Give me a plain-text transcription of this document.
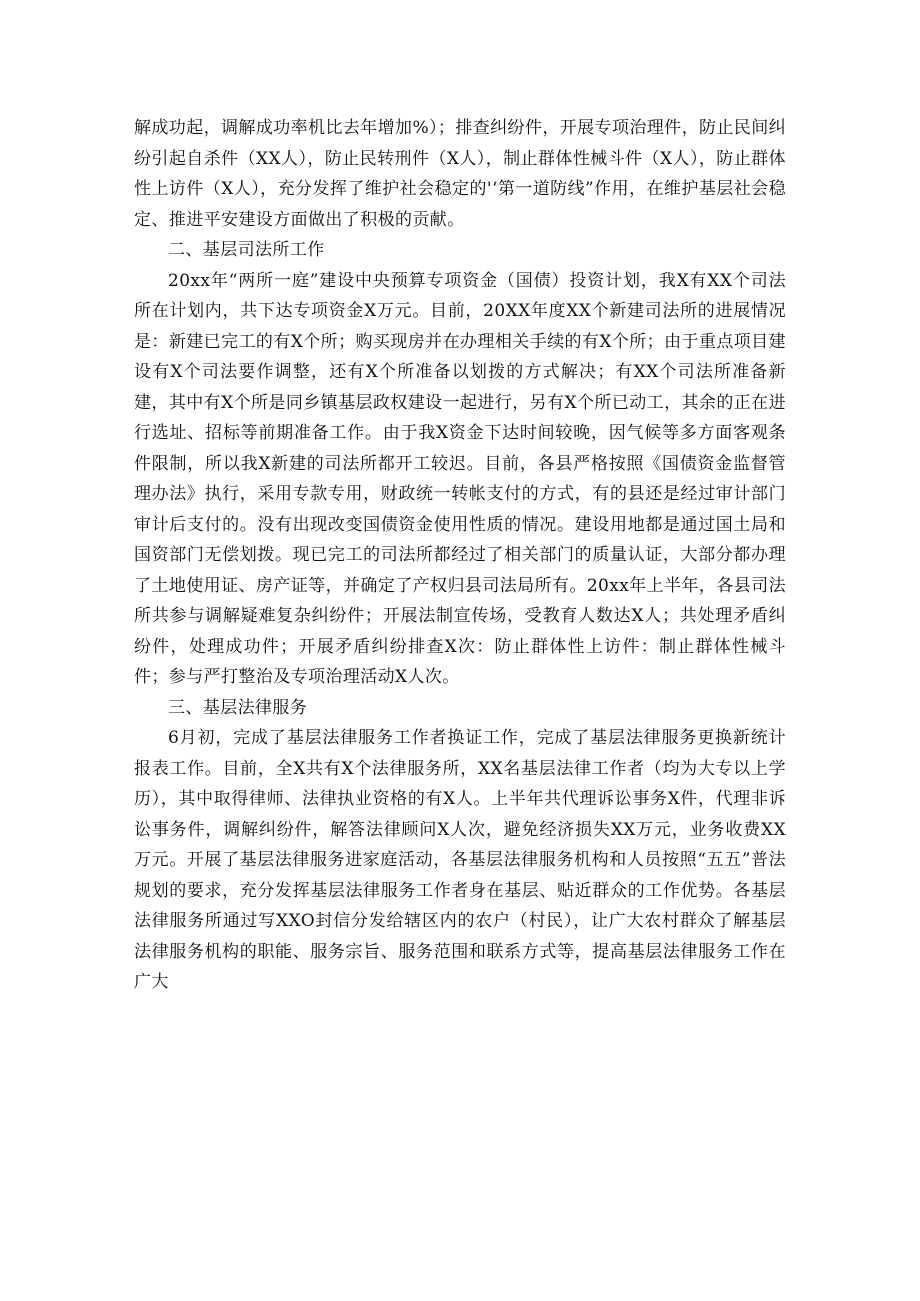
解成功起，调解成功率机比去年增加%）；排查纠纷件，开展专项治理件，防止民间纠纷引起自杀件（XX人），防止民转刑件（X人），制止群体性械斗件（X人），防止群体性上访件（X人），充分发挥了维护社会稳定的'‘第一道防线”作用，在维护基层社会稳定、推进平安建设方面做出了积极的贡献。

二、基层司法所工作

20xx年“两所一庭”建设中央预算专项资金（国债）投资计划，我X有XX个司法所在计划内，共下达专项资金X万元。目前，20XX年度XX个新建司法所的进展情况是：新建已完工的有X个所；购买现房并在办理相关手续的有X个所；由于重点项目建设有X个司法要作调整，还有X个所准备以划拨的方式解决；有XX个司法所准备新建，其中有X个所是同乡镇基层政权建设一起进行，另有X个所已动工，其余的正在进行选址、招标等前期准备工作。由于我X资金下达时间较晚，因气候等多方面客观条件限制，所以我X新建的司法所都开工较迟。目前，各县严格按照《国债资金监督管理办法》执行，采用专款专用，财政统一转帐支付的方式，有的县还是经过审计部门审计后支付的。没有出现改变国债资金使用性质的情况。建设用地都是通过国土局和国资部门无偿划拨。现已完工的司法所都经过了相关部门的质量认证，大部分都办理了土地使用证、房产证等，并确定了产权归县司法局所有。20xx年上半年，各县司法所共参与调解疑难复杂纠纷件；开展法制宣传场，受教育人数达X人；共处理矛盾纠纷件，处理成功件；开展矛盾纠纷排查X次：防止群体性上访件：制止群体性械斗件；参与严打整治及专项治理活动X人次。

三、基层法律服务

6月初，完成了基层法律服务工作者换证工作，完成了基层法律服务更换新统计报表工作。目前，全X共有X个法律服务所，XX名基层法律工作者（均为大专以上学历），其中取得律师、法律执业资格的有X人。上半年共代理诉讼事务X件，代理非诉讼事务件，调解纠纷件，解答法律顾问X人次，避免经济损失XX万元，业务收费XX万元。开展了基层法律服务进家庭活动，各基层法律服务机构和人员按照“五五”普法规划的要求，充分发挥基层法律服务工作者身在基层、贴近群众的工作优势。各基层法律服务所通过写XXO封信分发给辖区内的农户（村民），让广大农村群众了解基层法律服务机构的职能、服务宗旨、服务范围和联系方式等，提高基层法律服务工作在广大
